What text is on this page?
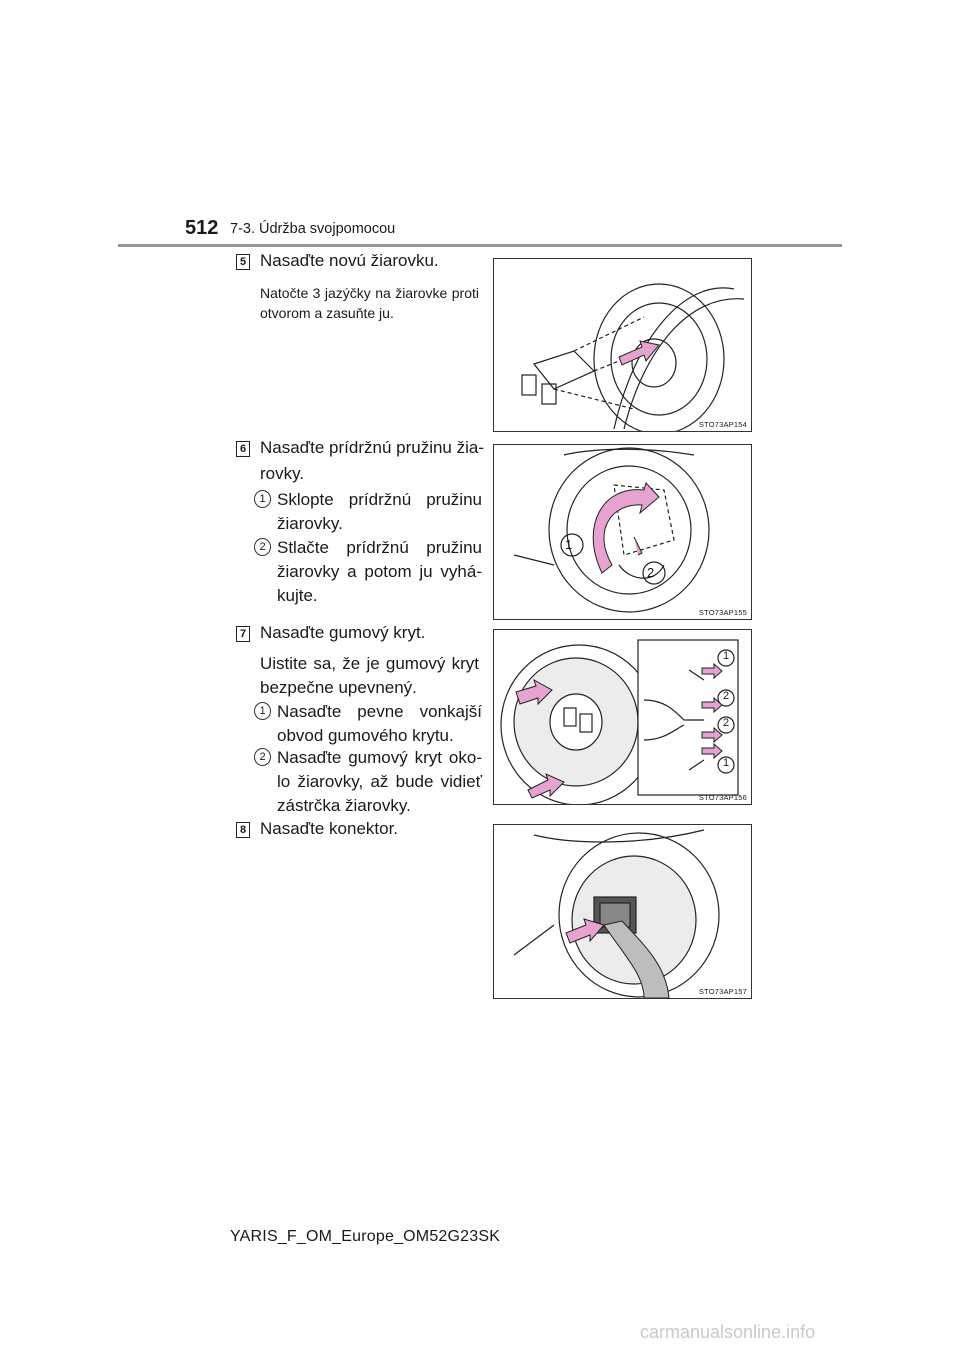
512 7-3. Údržba svojpomocou
5 Nasaďte novú žiarovku.
Natočte 3 jazýčky na žiarovke proti otvorom a zasuňte ju.
STO73AP154
6 Nasaďte prídržnú pružinu žia-
rovky.
1 Sklopte prídržnú pružinu žiarovky.
2 Stlačte prídržnú pružinu žiarovky a potom ju vyhá-kujte.
1
2
STO73AP155
7 Nasaďte gumový kryt.
Uistite sa, že je gumový kryt bezpečne upevnený.
1 Nasaďte pevne vonkajší obvod gumového krytu.
2 Nasaďte gumový kryt oko-lo žiarovky, až bude vidieť zástrčka žiarovky.
1
2
2
1
STO73AP156
8 Nasaďte konektor.
STO73AP157
YARIS_F_OM_Europe_OM52G23SK
carmanualsonline.info
